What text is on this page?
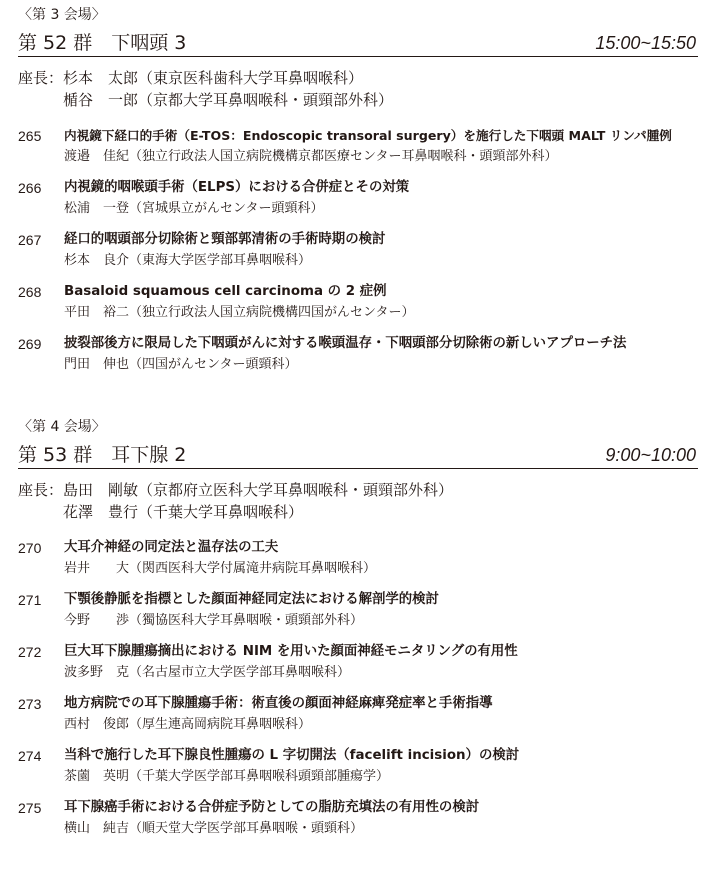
〈第 3 会場〉
第 52 群　下咽頭 3	15:00~15:50
座長： 杉本　太郎（東京医科歯科大学耳鼻咽喉科）
楯谷　一郎（京都大学耳鼻咽喉科・頭頸部外科）
265 内視鏡下経口的手術（E-TOS：Endoscopic transoral surgery）を施行した下咽頭 MALT リンパ腫例
渡邉　佳紀（独立行政法人国立病院機構京都医療センター耳鼻咽喉科・頭頸部外科）
266 内視鏡的咽喉頭手術（ELPS）における合併症とその対策
松浦　一登（宮城県立がんセンター頭頸科）
267 経口的咽頭部分切除術と頸部郭清術の手術時期の検討
杉本　良介（東海大学医学部耳鼻咽喉科）
268 Basaloid squamous cell carcinoma の 2 症例
平田　裕二（独立行政法人国立病院機構四国がんセンター）
269 披裂部後方に限局した下咽頭がんに対する喉頭温存・下咽頭部分切除術の新しいアプローチ法
門田　伸也（四国がんセンター頭頸科）
〈第 4 会場〉
第 53 群　耳下腺 2	9:00~10:00
座長： 島田　剛敏（京都府立医科大学耳鼻咽喉科・頭頸部外科）
花澤　豊行（千葉大学耳鼻咽喉科）
270 大耳介神経の同定法と温存法の工夫
岩井　　大（関西医科大学付属滝井病院耳鼻咽喉科）
271 下顎後静脈を指標とした顔面神経同定法における解剖学的検討
今野　　渉（獨協医科大学耳鼻咽喉・頭頸部外科）
272 巨大耳下腺腫瘍摘出における NIM を用いた顔面神経モニタリングの有用性
波多野　克（名古屋市立大学医学部耳鼻咽喉科）
273 地方病院での耳下腺腫瘍手術：術直後の顔面神経麻痺発症率と手術指導
西村　俊郎（厚生連高岡病院耳鼻咽喉科）
274 当科で施行した耳下腺良性腫瘍の L 字切開法（facelift incision）の検討
茶薗　英明（千葉大学医学部耳鼻咽喉科頭頸部腫瘍学）
275 耳下腺癌手術における合併症予防としての脂肪充填法の有用性の検討
横山　純吉（順天堂大学医学部耳鼻咽喉・頭頸科）
